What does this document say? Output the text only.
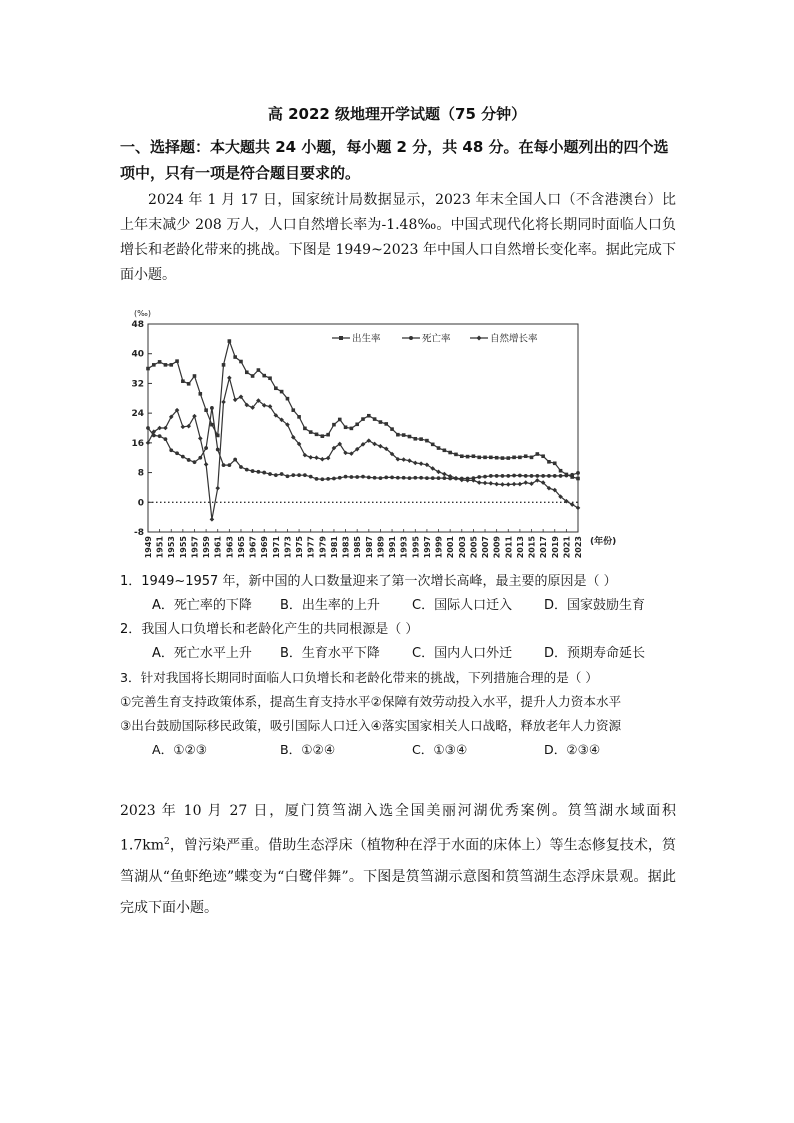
高 2022 级地理开学试题（75 分钟）
一、选择题：本大题共 24 小题，每小题 2 分，共 48 分。在每小题列出的四个选项中，只有一项是符合题目要求的。

2024 年 1 月 17 日，国家统计局数据显示，2023 年末全国人口（不含港澳台）比上年末减少 208 万人，人口自然增长率为-1.48‰。中国式现代化将长期同时面临人口负增长和老龄化带来的挑战。下图是 1949~2023 年中国人口自然增长变化率。据此完成下面小题。

(‰)
48
40
32
24
16
8
0
-8
1949 1951 1953 1955 1957 1959 1961 1963 1965 1967 1969 1971 1973 1975 1977 1979 1981 1983 1985 1987 1989 1991 1993 1995 1997 1999 2001 2003 2005 2007 2009 2011 2013 2015 2017 2019 2021 2023 (年份)
出生率	死亡率	自然增长率
1．1949~1957 年，新中国的人口数量迎来了第一次增长高峰，最主要的原因是（ ）
A．死亡率的下降	B．出生率的上升	C．国际人口迁入	D．国家鼓励生育
2．我国人口负增长和老龄化产生的共同根源是（ ）
A．死亡水平上升	B．生育水平下降	C．国内人口外迁	D．预期寿命延长
3．针对我国将长期同时面临人口负增长和老龄化带来的挑战，下列措施合理的是（ ）
①完善生育支持政策体系，提高生育支持水平②保障有效劳动投入水平，提升人力资本水平
③出台鼓励国际移民政策，吸引国际人口迁入④落实国家相关人口战略，释放老年人力资源
A．①②③	B．①②④	C．①③④	D．②③④

2023 年 10 月 27 日，厦门筼筜湖入选全国美丽河湖优秀案例。筼筜湖水域面积 $1.7km^2$，曾污染严重。借助生态浮床（植物种在浮于水面的床体上）等生态修复技术，筼筜湖从“鱼虾绝迹”蝶变为“白鹭伴舞”。下图是筼筜湖示意图和筼筜湖生态浮床景观。据此完成下面小题。
